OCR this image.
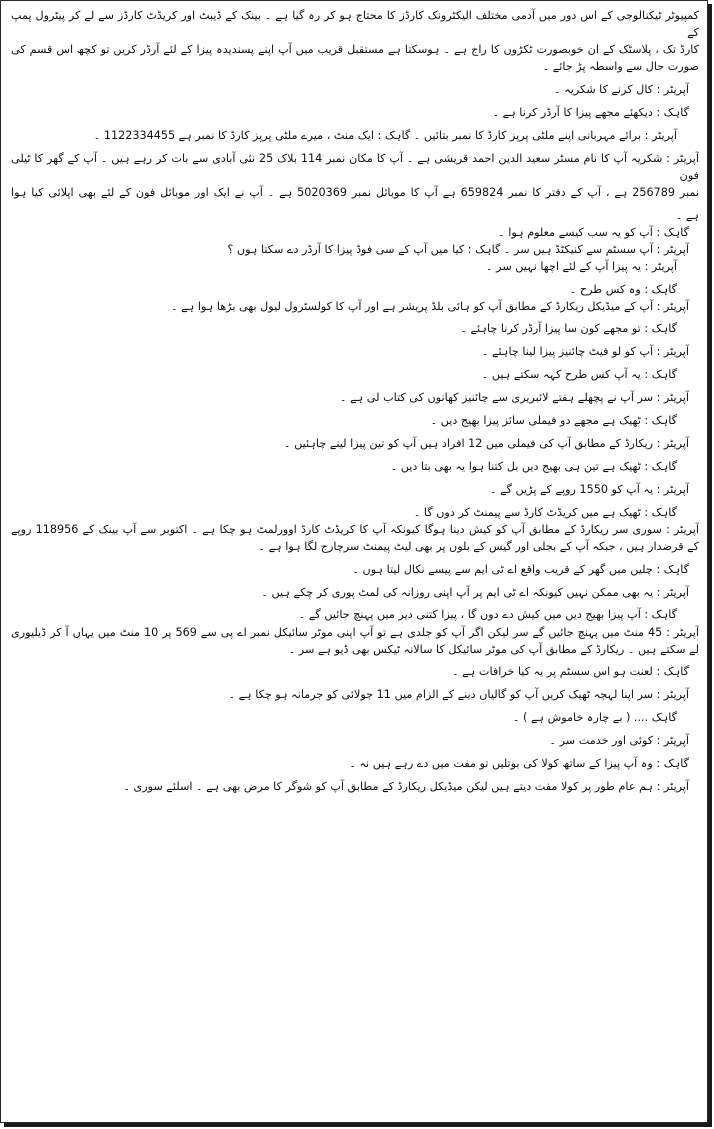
کمپیوٹر ٹیکنالوجی کے اس دور میں آدمی مختلف الیکٹرونک کارڈز کا محتاج ہو کر رہ گیا ہے ۔ بینک کے ڈیبٹ اور کریڈٹ کارڈز سے لے کر پیٹرول پمپ کے

کارڈ تک ، پلاسٹک کے ان خوبصورت ٹکڑوں کا راج ہے ۔ ہوسکتا ہے مستقبل قریب میں آپ اپنے پسندیدہ پیزا کے لئے آرڈر کریں تو کچھ اس قسم کی

صورت حال سے واسطہ پڑ جائے ۔

آپریٹر : کال کرنے کا شکریہ ۔

گاہک : دیکھئے مجھے پیزا کا آرڈر کرنا ہے ۔

آپریٹر : برائے مہربانی اپنے ملٹی پرپز کارڈ کا نمبر بتائیں ۔ گاہک : ایک منٹ ، میرے ملٹی پرپز کارڈ کا نمبر ہے 1122334455 ۔

آپریٹر : شکریہ آپ کا نام مسٹر سعید الدین احمد قریشی ہے ۔ آپ کا مکان نمبر 114 بلاک 25 نئی آبادی سے بات کر رہے ہیں ۔ آپ کے گھر کا ٹیلی فون

نمبر 256789 ہے ، آپ کے دفتر کا نمبر 659824 ہے آپ کا موبائل نمبر 5020369 ہے ۔ آپ نے ایک اور موبائل فون کے لئے بھی اپلائی کیا ہوا

ہے ۔

گاہک : آپ کو یہ سب کیسے معلوم ہوا ۔

آپریٹر : آپ سسٹم سے کنیکٹڈ ہیں سر ۔ گاہک : کیا میں آپ کے سی فوڈ پیزا کا آرڈر دے سکتا ہوں ؟

آپریٹر : یہ پیزا آپ کے لئے اچھا نہیں سر ۔

گاہک : وہ کس طرح ۔

آپریٹر : آپ کے میڈیکل ریکارڈ کے مطابق آپ کو ہائی بلڈ پریشر ہے اور آپ کا کولسٹرول لیول بھی بڑھا ہوا ہے ۔

گاہک : تو مجھے کون سا پیزا آرڈر کرنا چاہئے ۔

آپریٹر : آپ کو لو فیٹ چائنیز پیزا لینا چاہئے ۔

گاہک : یہ آپ کس طرح کہہ سکتے ہیں ۔

آپریٹر : سر آپ نے پچھلے ہفتے لائبریری سے چائنیز کھانوں کی کتاب لی ہے ۔

گاہک : ٹھیک ہے مجھے دو فیملی سائز پیزا بھیج دیں ۔

آپریٹر : ریکارڈ کے مطابق آپ کی فیملی میں 12 افراد ہیں آپ کو تین پیزا لینے چاہئیں ۔

گاہک : ٹھیک ہے تین ہی بھیج دیں بل کتنا ہوا یہ بھی بتا دیں ۔

آپریٹر : یہ آپ کو 1550 روپے کے پڑیں گے ۔

گاہک : ٹھیک ہے میں کریڈٹ کارڈ سے پیمنٹ کر دوں گا ۔

آپریٹر : سوری سر ریکارڈ کے مطابق آپ کو کیش دینا ہوگا کیونکہ آپ کا کریڈٹ کارڈ اوورلمٹ ہو چکا ہے ۔ اکتوبر سے آپ بینک کے 118956 روپے

کے قرضدار ہیں ، جبکہ آپ کے بجلی اور گیس کے بلوں پر بھی لیٹ پیمنٹ سرچارج لگا ہوا ہے ۔

گاہک : چلیں میں گھر کے قریب واقع اے ٹی ایم سے پیسے نکال لیتا ہوں ۔

آپریٹر : یہ بھی ممکن نہیں کیونکہ اے ٹی ایم پر آپ اپنی روزانہ کی لمٹ پوری کر چکے ہیں ۔

گاہک : آپ پیزا بھیج دیں میں کیش دے دوں گا ، پیزا کتنی دیر میں پہنچ جائیں گے ۔

آپریٹر : 45 منٹ میں پہنچ جائیں گے سر لیکن اگر آپ کو جلدی ہے تو آپ اپنی موٹر سائیکل نمبر اے پی سے 569 پر 10 منٹ میں یہاں آ کر ڈیلیوری

لے سکتے ہیں ۔ ریکارڈ کے مطابق آپ کی موٹر سائیکل کا سالانہ ٹیکس بھی ڈیو ہے سر ۔

گاہک : لعنت ہو اس سسٹم پر یہ کیا خرافات ہے ۔

آپریٹر : سر اپنا لہجہ ٹھیک کریں آپ کو گالیاں دینے کے الزام میں 11 جولائی کو جرمانہ ہو چکا ہے ۔

گاہک .... ( بے چارہ خاموش ہے ) ۔

آپریٹر : کوئی اور خدمت سر ۔

گاہک : وہ آپ پیزا کے ساتھ کولا کی بوتلیں تو مفت میں دے رہے ہیں نہ ۔

آپریٹر : ہم عام طور پر کولا مفت دیتے ہیں لیکن میڈیکل ریکارڈ کے مطابق آپ کو شوگر کا مرض بھی ہے ۔ اسلئے سوری ۔
